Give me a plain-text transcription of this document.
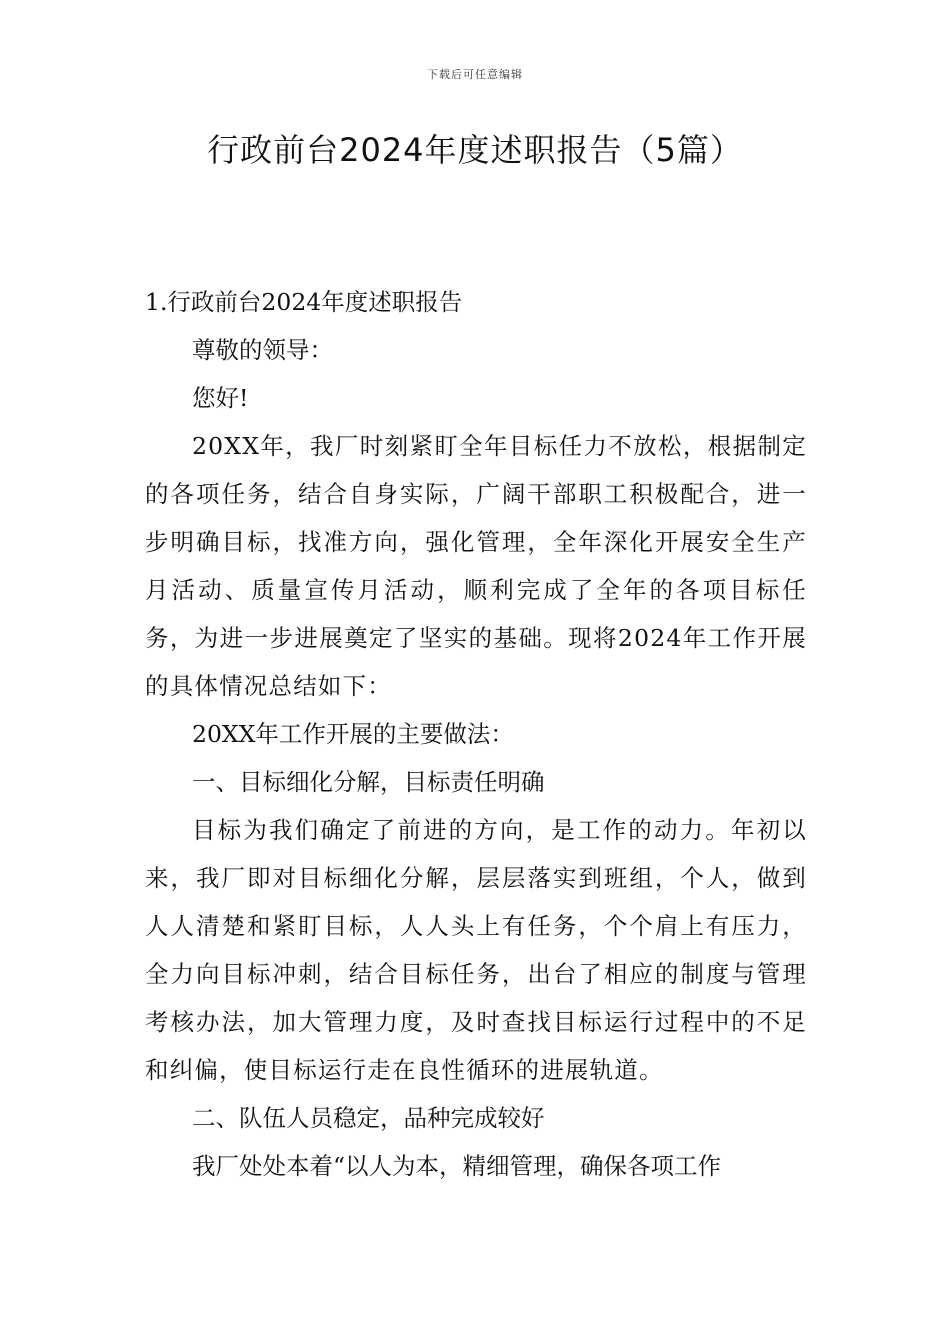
下载后可任意编辑
行政前台2024年度述职报告（5篇）

1.行政前台2024年度述职报告

尊敬的领导：

您好!

20XX年，我厂时刻紧盯全年目标任力不放松，根据制定的各项任务，结合自身实际，广阔干部职工积极配合，进一步明确目标，找准方向，强化管理，全年深化开展安全生产月活动、质量宣传月活动，顺利完成了全年的各项目标任务，为进一步进展奠定了坚实的基础。现将2024年工作开展的具体情况总结如下：

20XX年工作开展的主要做法：

一、目标细化分解，目标责任明确

目标为我们确定了前进的方向，是工作的动力。年初以来，我厂即对目标细化分解，层层落实到班组，个人，做到人人清楚和紧盯目标，人人头上有任务，个个肩上有压力，全力向目标冲刺，结合目标任务，出台了相应的制度与管理考核办法，加大管理力度，及时查找目标运行过程中的不足和纠偏，使目标运行走在良性循环的进展轨道。

二、队伍人员稳定，品种完成较好

我厂处处本着“以人为本，精细管理，确保各项工作
